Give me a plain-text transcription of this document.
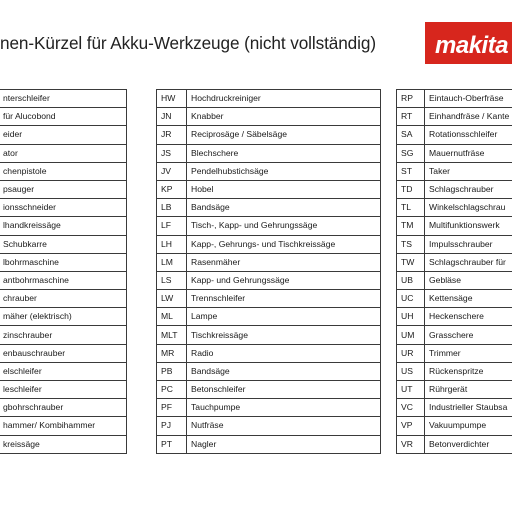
nen-Kürzel für Akku-Werkzeuge (nicht vollständig)	makita
nterschleifer
für Alucobond
eider
ator
chenpistole
psauger
ionsschneider
lhandkreissäge
Schubkarre
lbohrmaschine
antbohrmaschine
chrauber
mäher (elektrisch)
zinschrauber
enbauschrauber
elschleifer
leschleifer
gbohrschrauber
hammer/ Kombihammer
kreissäge
HW	Hochdruckreiniger
JN	Knabber
JR	Reciprosäge / Säbelsäge
JS	Blechschere
JV	Pendelhubstichsäge
KP	Hobel
LB	Bandsäge
LF	Tisch-, Kapp- und Gehrungssäge
LH	Kapp-, Gehrungs- und Tischkreissäge
LM	Rasenmäher
LS	Kapp- und Gehrungssäge
LW	Trennschleifer
ML	Lampe
MLT	Tischkreissäge
MR	Radio
PB	Bandsäge
PC	Betonschleifer
PF	Tauchpumpe
PJ	Nutfräse
PT	Nagler
RP	Eintauch-Oberfräse
RT	Einhandfräse / Kante
SA	Rotationsschleifer
SG	Mauernutfräse
ST	Taker
TD	Schlagschrauber
TL	Winkelschlagschrau
TM	Multifunktionswerk
TS	Impulsschrauber
TW	Schlagschrauber für
UB	Gebläse
UC	Kettensäge
UH	Heckenschere
UM	Grasschere
UR	Trimmer
US	Rückenspritze
UT	Rührgerät
VC	Industrieller Staubsa
VP	Vakuumpumpe
VR	Betonverdichter
